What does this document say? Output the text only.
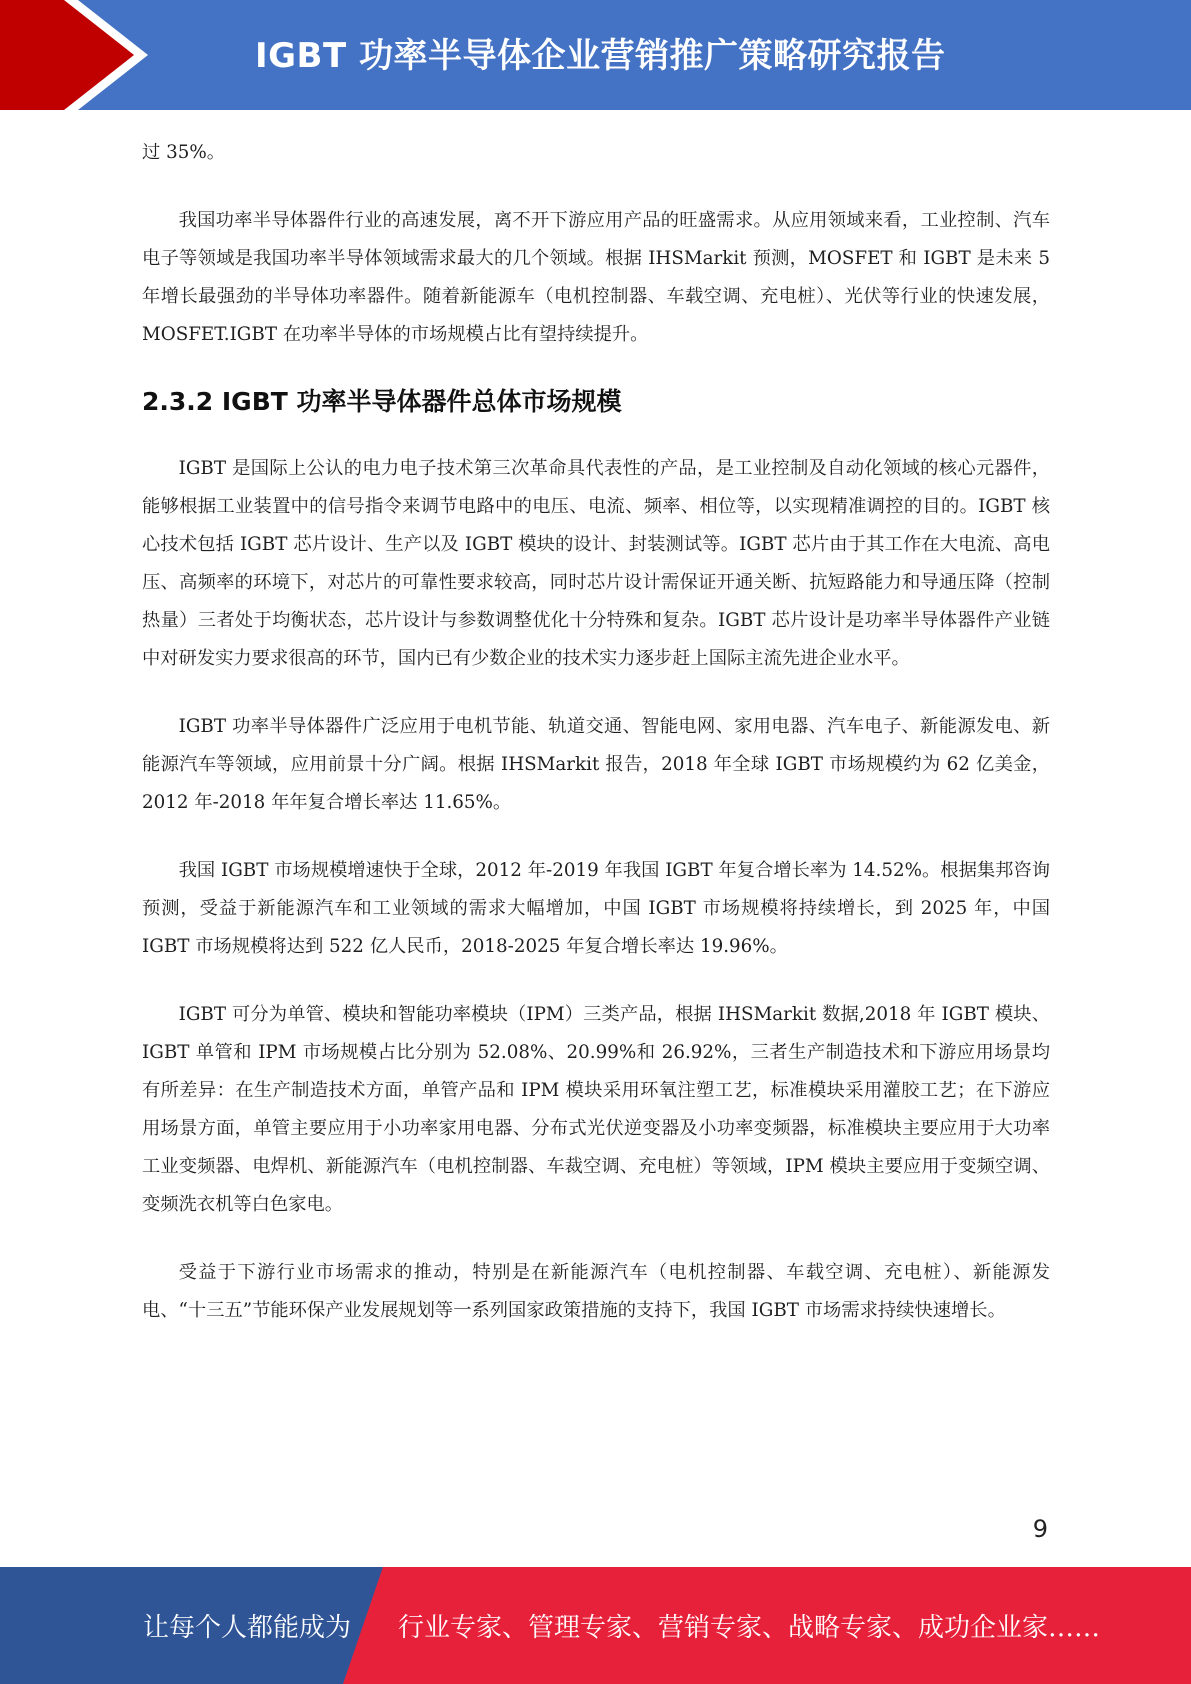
IGBT 功率半导体企业营销推广策略研究报告

过 35%。

我国功率半导体器件行业的高速发展，离不开下游应用产品的旺盛需求。从应用领域来看，工业控制、汽车电子等领域是我国功率半导体领域需求最大的几个领域。根据 IHSMarkit 预测，MOSFET 和 IGBT 是未来 5 年增长最强劲的半导体功率器件。随着新能源车（电机控制器、车载空调、充电桩）、光伏等行业的快速发展，MOSFET.IGBT 在功率半导体的市场规模占比有望持续提升。

2.3.2 IGBT 功率半导体器件总体市场规模

IGBT 是国际上公认的电力电子技术第三次革命具代表性的产品，是工业控制及自动化领域的核心元器件，能够根据工业装置中的信号指令来调节电路中的电压、电流、频率、相位等，以实现精准调控的目的。IGBT 核心技术包括 IGBT 芯片设计、生产以及 IGBT 模块的设计、封装测试等。IGBT 芯片由于其工作在大电流、高电压、高频率的环境下，对芯片的可靠性要求较高，同时芯片设计需保证开通关断、抗短路能力和导通压降（控制热量）三者处于均衡状态，芯片设计与参数调整优化十分特殊和复杂。IGBT 芯片设计是功率半导体器件产业链中对研发实力要求很高的环节，国内已有少数企业的技术实力逐步赶上国际主流先进企业水平。

IGBT 功率半导体器件广泛应用于电机节能、轨道交通、智能电网、家用电器、汽车电子、新能源发电、新能源汽车等领域，应用前景十分广阔。根据 IHSMarkit 报告，2018 年全球 IGBT 市场规模约为 62 亿美金，2012 年-2018 年年复合增长率达 11.65%。

我国 IGBT 市场规模增速快于全球，2012 年-2019 年我国 IGBT 年复合增长率为 14.52%。根据集邦咨询预测，受益于新能源汽车和工业领域的需求大幅增加，中国 IGBT 市场规模将持续增长，到 2025 年，中国 IGBT 市场规模将达到 522 亿人民币，2018-2025 年复合增长率达 19.96%。

IGBT 可分为单管、模块和智能功率模块（IPM）三类产品，根据 IHSMarkit 数据,2018 年 IGBT 模块、IGBT 单管和 IPM 市场规模占比分别为 52.08%、20.99%和 26.92%，三者生产制造技术和下游应用场景均有所差异：在生产制造技术方面，单管产品和 IPM 模块采用环氧注塑工艺，标准模块采用灌胶工艺；在下游应用场景方面，单管主要应用于小功率家用电器、分布式光伏逆变器及小功率变频器，标准模块主要应用于大功率工业变频器、电焊机、新能源汽车（电机控制器、车裁空调、充电桩）等领域，IPM 模块主要应用于变频空调、变频洗衣机等白色家电。

受益于下游行业市场需求的推动，特别是在新能源汽车（电机控制器、车载空调、充电桩）、新能源发电、“十三五”节能环保产业发展规划等一系列国家政策措施的支持下，我国 IGBT 市场需求持续快速增长。

9
让每个人都能成为 行业专家、管理专家、营销专家、战略专家、成功企业家……
